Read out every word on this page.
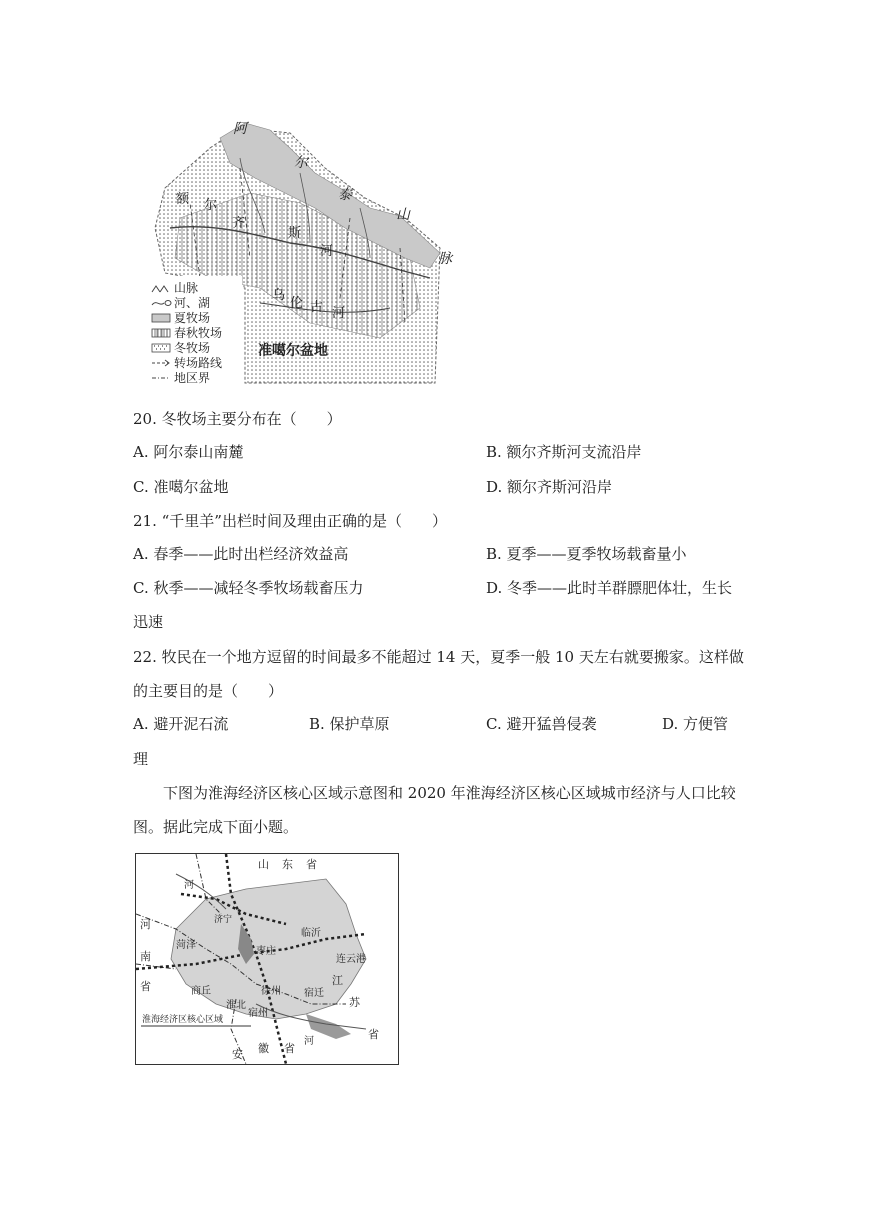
阿
尔
泰
山
脉
额 尔
齐
斯
河
乌
伦 古 河
准噶尔盆地
山脉
河、湖
夏牧场
春秋牧场
冬牧场
转场路线
地区界
20. 冬牧场主要分布在（　　）
A. 阿尔泰山南麓	B. 额尔齐斯河支流沿岸
C. 准噶尔盆地	D. 额尔齐斯河沿岸
21. “千里羊”出栏时间及理由正确的是（　　）
A. 春季——此时出栏经济效益高	B. 夏季——夏季牧场载畜量小
C. 秋季——减轻冬季牧场载畜压力	D. 冬季——此时羊群膘肥体壮，生长
迅速
22. 牧民在一个地方逗留的时间最多不能超过 14 天，夏季一般 10 天左右就要搬家。这样做
的主要目的是（　　）
A. 避开泥石流	B. 保护草原	C. 避开猛兽侵袭	D. 方便管
理
下图为淮海经济区核心区域示意图和 2020 年淮海经济区核心区域城市经济与人口比较
图。据此完成下面小题。
山 东 省
河
南
省
安 徽 省
江
苏
省
河
河
菏泽
济宁
枣庄
临沂
连云港
商丘
淮北
徐州 宿迁
宿州
淮海经济区核心区域
